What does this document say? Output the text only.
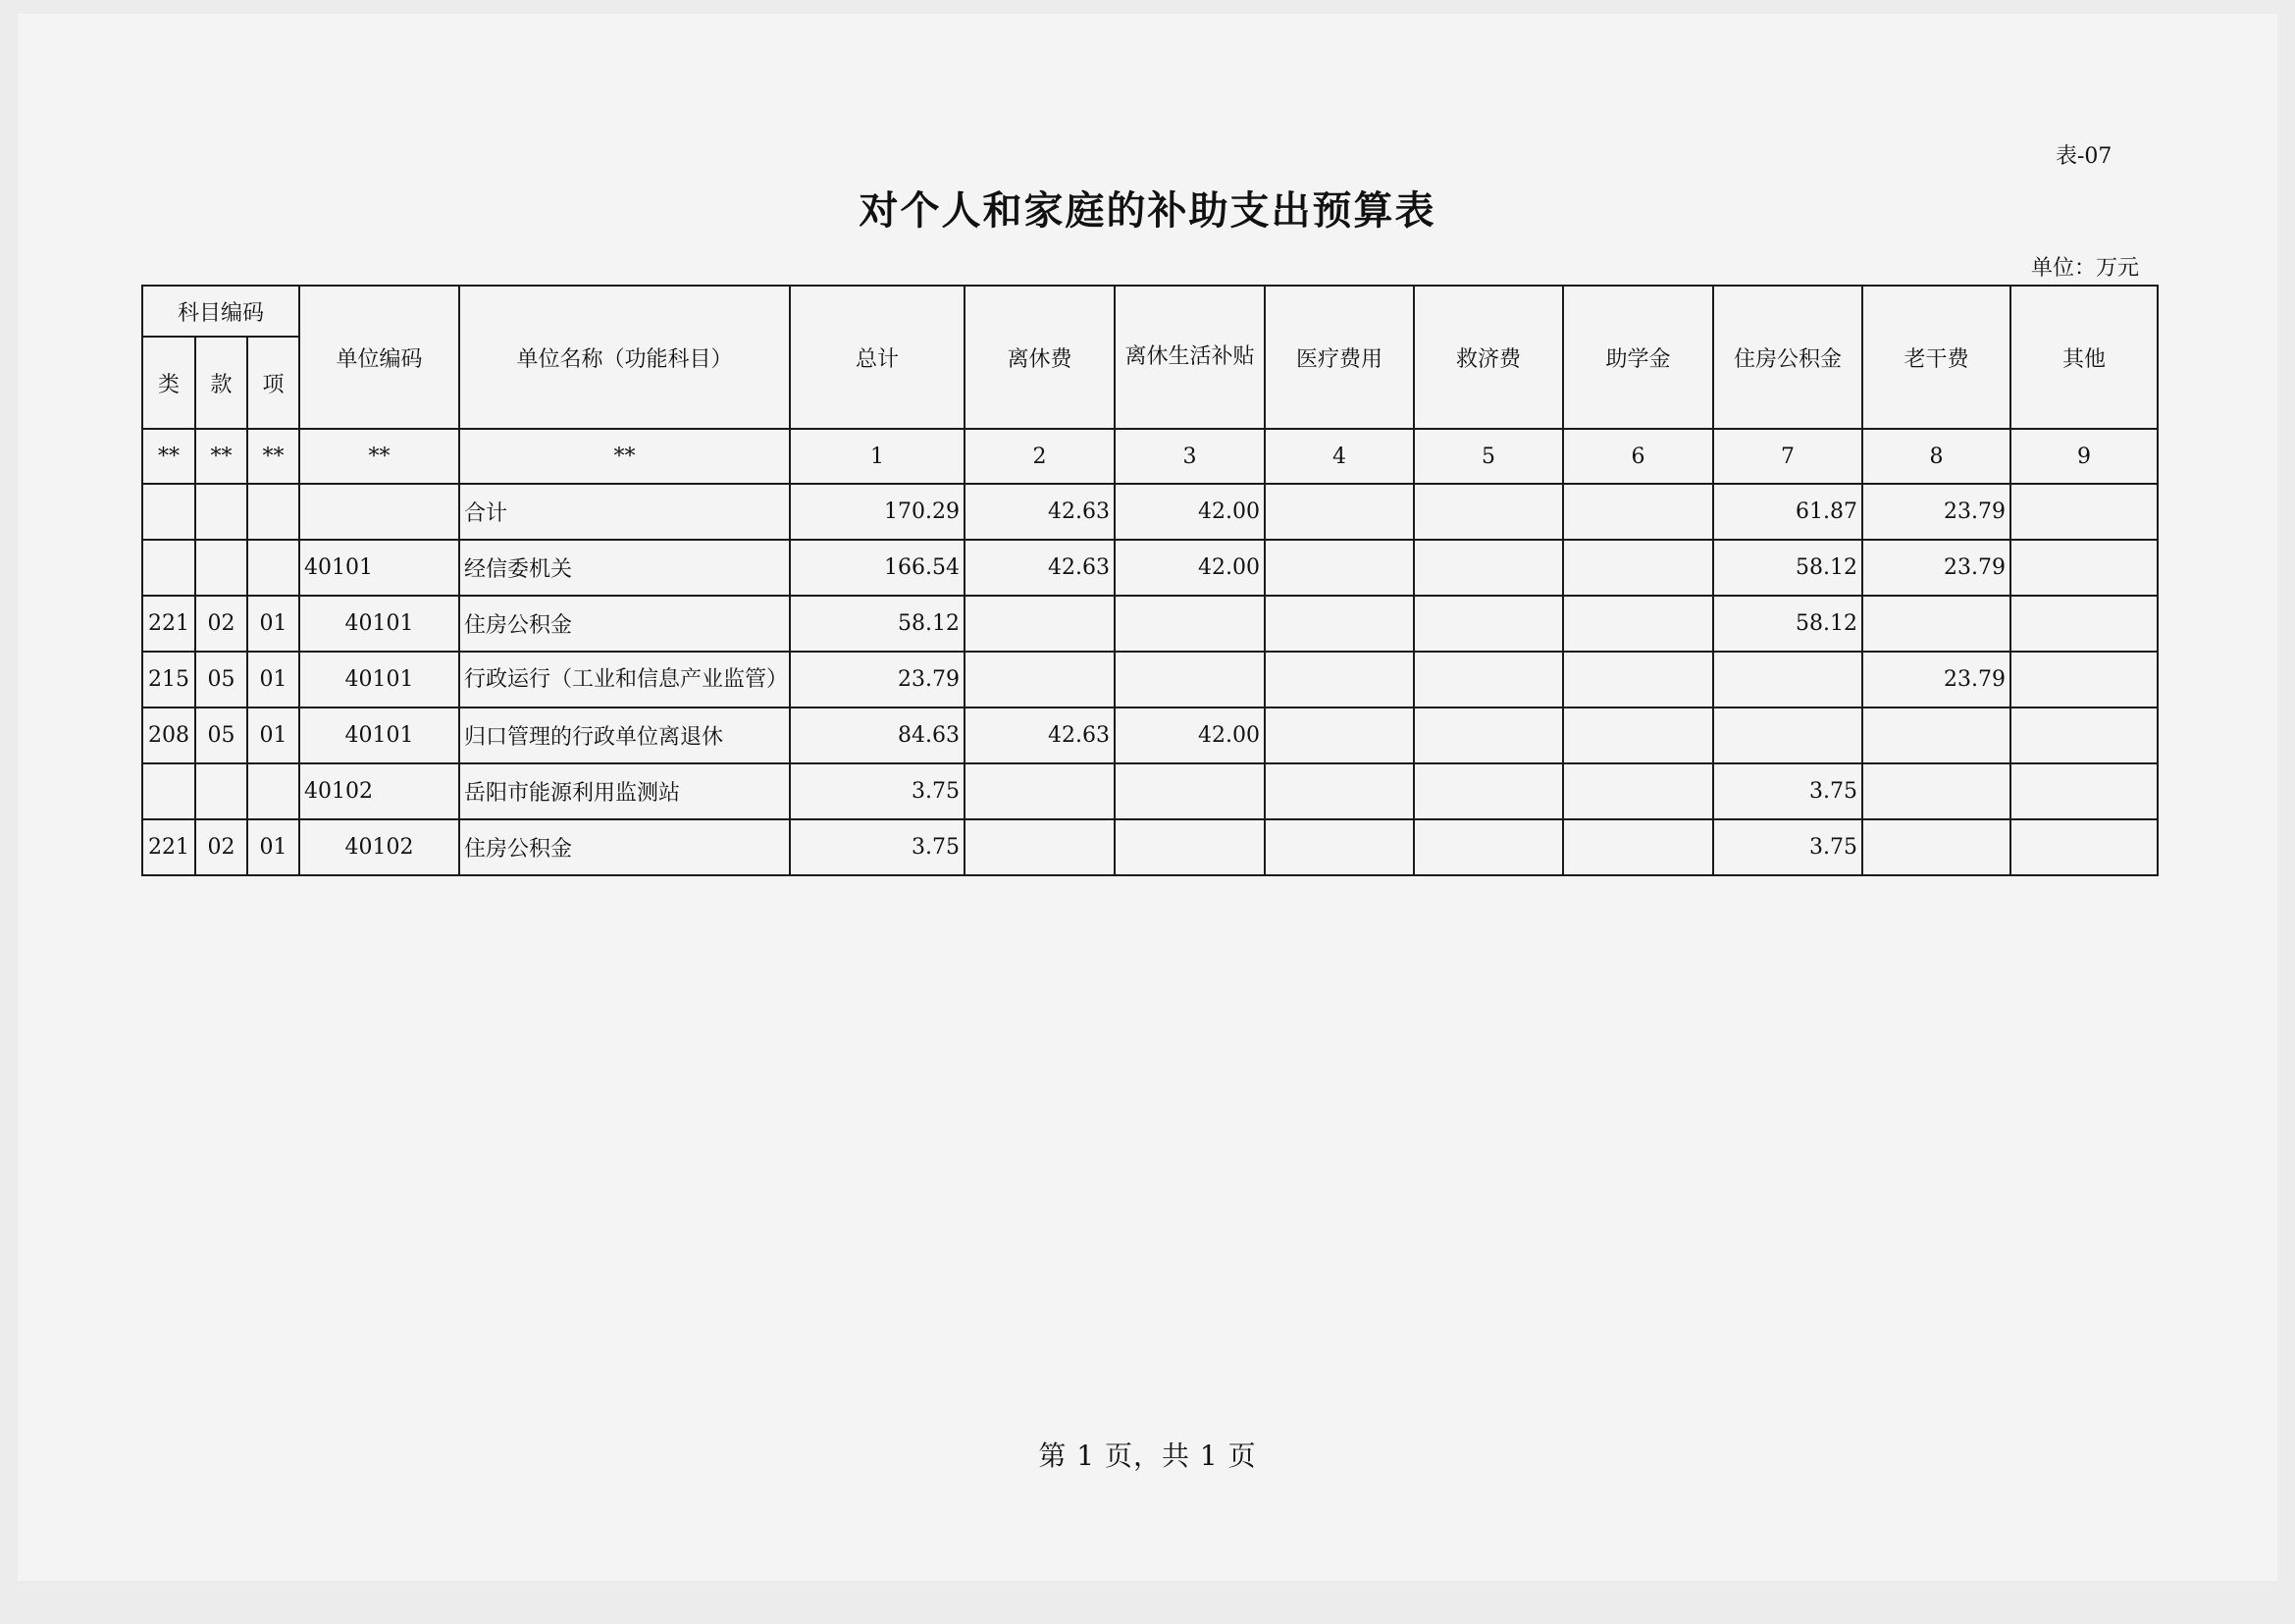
表-07
对个人和家庭的补助支出预算表
单位：万元
科目编码			单位编码	单位名称（功能科目）	总计	离休费	离休生活补贴	医疗费用	救济费	助学金	住房公积金	老干费	其他
类	款	项											
**	**	**	**	**	1	2	3	4	5	6	7	8	9
				合计	170.29	42.63	42.00				61.87	23.79	
			40101	经信委机关	166.54	42.63	42.00				58.12	23.79	
221	02	01	40101	住房公积金	58.12						58.12		
215	05	01	40101	行政运行（工业和信息产业监管）	23.79							23.79	
208	05	01	40101	归口管理的行政单位离退休	84.63	42.63	42.00						
			40102	岳阳市能源利用监测站	3.75						3.75		
221	02	01	40102	住房公积金	3.75						3.75		
第 1 页，共 1 页
